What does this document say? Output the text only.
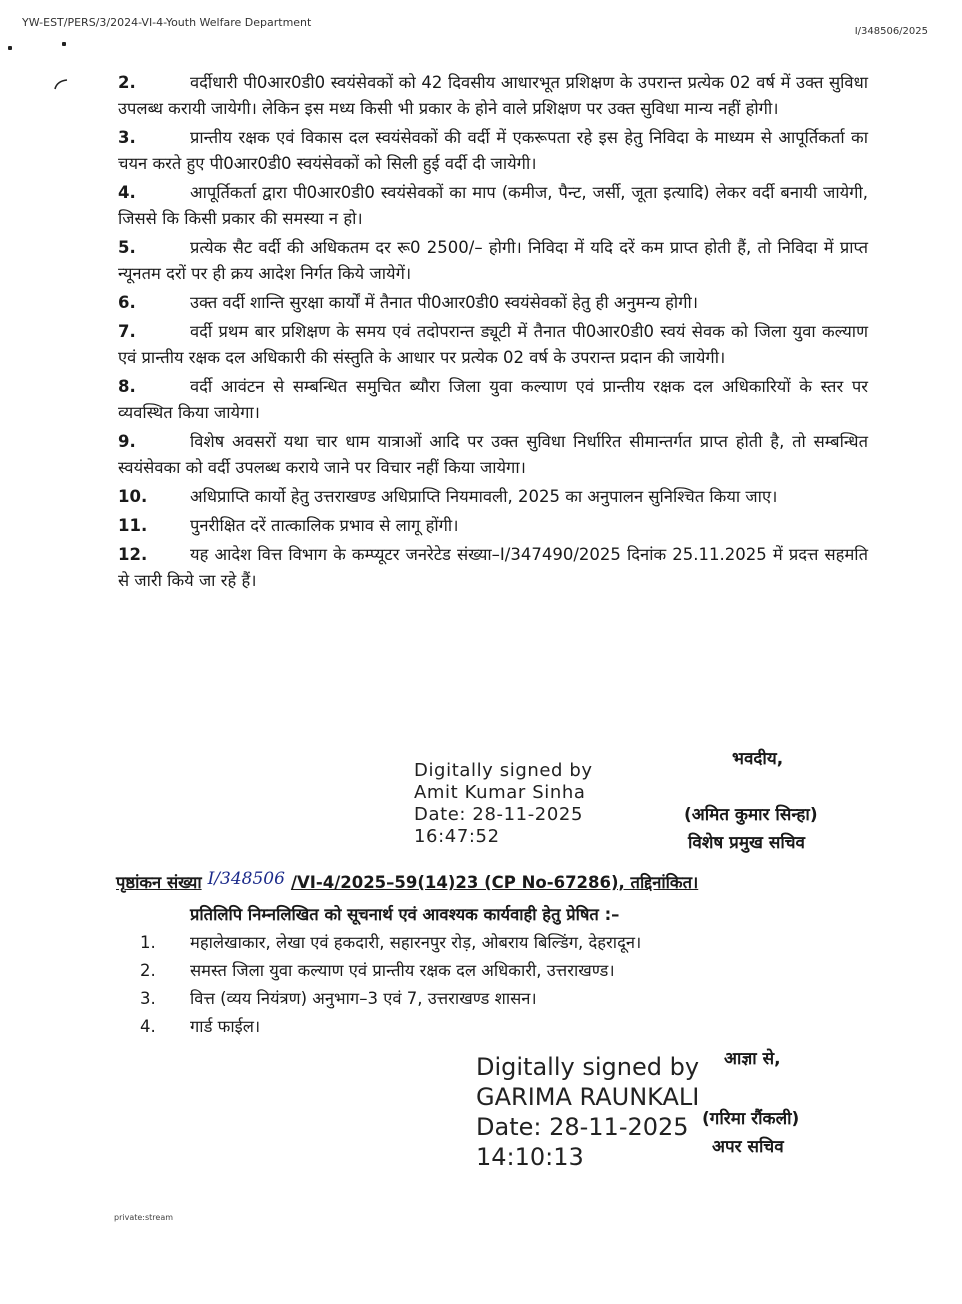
YW-EST/PERS/3/2024-VI-4-Youth Welfare Department
I/348506/2025
2.	वर्दीधारी पी0आर0डी0 स्वयंसेवकों को 42 दिवसीय आधारभूत प्रशिक्षण के उपरान्त प्रत्येक 02 वर्ष में उक्त सुविधा उपलब्ध करायी जायेगी। लेकिन इस मध्य किसी भी प्रकार के होने वाले प्रशिक्षण पर उक्त सुविधा मान्य नहीं होगी।
3.	प्रान्तीय रक्षक एवं विकास दल स्वयंसेवकों की वर्दी में एकरूपता रहे इस हेतु निविदा के माध्यम से आपूर्तिकर्ता का चयन करते हुए पी0आर0डी0 स्वयंसेवकों को सिली हुई वर्दी दी जायेगी।
4.	आपूर्तिकर्ता द्वारा पी0आर0डी0 स्वयंसेवकों का माप (कमीज, पैन्ट, जर्सी, जूता इत्यादि) लेकर वर्दी बनायी जायेगी, जिससे कि किसी प्रकार की समस्या न हो।
5.	प्रत्येक सैट वर्दी की अधिकतम दर रू0 2500/– होगी। निविदा में यदि दरें कम प्राप्त होती हैं, तो निविदा में प्राप्त न्यूनतम दरों पर ही क्रय आदेश निर्गत किये जायेगें।
6.	उक्त वर्दी शान्ति सुरक्षा कार्यों में तैनात पी0आर0डी0 स्वयंसेवकों हेतु ही अनुमन्य होगी।
7.	वर्दी प्रथम बार प्रशिक्षण के समय एवं तदोपरान्त ड्यूटी में तैनात पी0आर0डी0 स्वयं सेवक को जिला युवा कल्याण एवं प्रान्तीय रक्षक दल अधिकारी की संस्तुति के आधार पर प्रत्येक 02 वर्ष के उपरान्त प्रदान की जायेगी।
8.	वर्दी आवंटन से सम्बन्धित समुचित ब्यौरा जिला युवा कल्याण एवं प्रान्तीय रक्षक दल अधिकारियों के स्तर पर व्यवस्थित किया जायेगा।
9.	विशेष अवसरों यथा चार धाम यात्राओं आदि पर उक्त सुविधा निर्धारित सीमान्तर्गत प्राप्त होती है, तो सम्बन्धित स्वयंसेवका को वर्दी उपलब्ध कराये जाने पर विचार नहीं किया जायेगा।
10.	अधिप्राप्ति कार्यो हेतु उत्तराखण्ड अधिप्राप्ति नियमावली, 2025 का अनुपालन सुनिश्चित किया जाए।
11.	पुनरीक्षित दरें तात्कालिक प्रभाव से लागू होंगी।
12.	यह आदेश वित्त विभाग के कम्प्यूटर जनरेटेड संख्या–I/347490/2025 दिनांक 25.11.2025 में प्रदत्त सहमति से जारी किये जा रहे हैं।
Digitally signed by
Amit Kumar Sinha
Date: 28-11-2025
16:47:52
भवदीय,
(अमित कुमार सिन्हा)
विशेष प्रमुख सचिव
पृष्ठांकन संख्या I/348506 /VI-4/2025–59(14)23 (CP No-67286), तद्दिनांकित।
प्रतिलिपि निम्नलिखित को सूचनार्थ एवं आवश्यक कार्यवाही हेतु प्रेषित :–
1. महालेखाकार, लेखा एवं हकदारी, सहारनपुर रोड़, ओबराय बिल्डिंग, देहरादून।
2. समस्त जिला युवा कल्याण एवं प्रान्तीय रक्षक दल अधिकारी, उत्तराखण्ड।
3. वित्त (व्यय नियंत्रण) अनुभाग–3 एवं 7, उत्तराखण्ड शासन।
4. गार्ड फाईल।
Digitally signed by
GARIMA RAUNKALI
Date: 28-11-2025
14:10:13
आज्ञा से,
(गरिमा रौंकली)
अपर सचिव
private:stream
